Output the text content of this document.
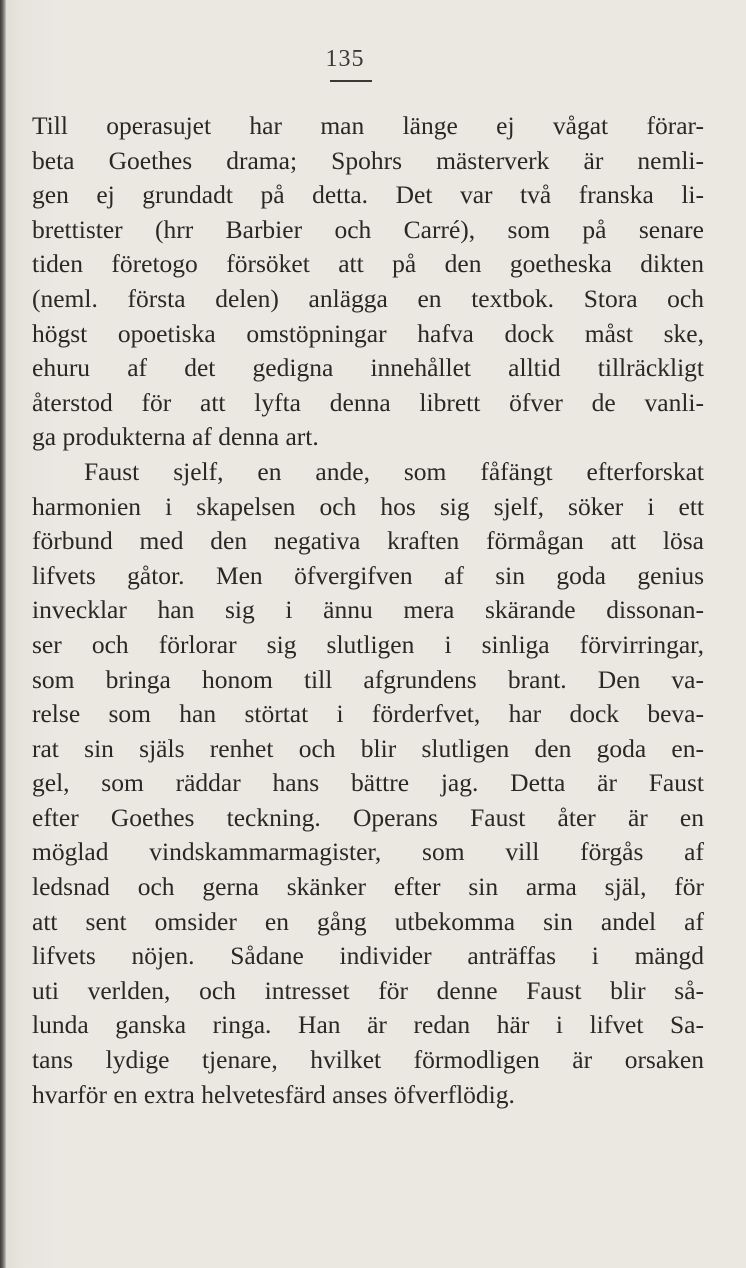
135
Till operasujet har man länge ej vågat förar-
beta Goethes drama; Spohrs mästerverk är nemli-
gen ej grundadt på detta. Det var två franska li-
brettister (hrr Barbier och Carré), som på senare
tiden företogo försöket att på den goetheska dikten
(neml. första delen) anlägga en textbok. Stora och
högst opoetiska omstöpningar hafva dock måst ske,
ehuru af det gedigna innehållet alltid tillräckligt
återstod för att lyfta denna librett öfver de vanli-
ga produkterna af denna art.
Faust sjelf, en ande, som fåfängt efterforskat
harmonien i skapelsen och hos sig sjelf, söker i ett
förbund med den negativa kraften förmågan att lösa
lifvets gåtor. Men öfvergifven af sin goda genius
invecklar han sig i ännu mera skärande dissonan-
ser och förlorar sig slutligen i sinliga förvirringar,
som bringa honom till afgrundens brant. Den va-
relse som han störtat i förderfvet, har dock beva-
rat sin själs renhet och blir slutligen den goda en-
gel, som räddar hans bättre jag. Detta är Faust
efter Goethes teckning. Operans Faust åter är en
möglad vindskammarmagister, som vill förgås af
ledsnad och gerna skänker efter sin arma själ, för
att sent omsider en gång utbekomma sin andel af
lifvets nöjen. Sådane individer anträffas i mängd
uti verlden, och intresset för denne Faust blir så-
lunda ganska ringa. Han är redan här i lifvet Sa-
tans lydige tjenare, hvilket förmodligen är orsaken
hvarför en extra helvetesfärd anses öfverflödig.
